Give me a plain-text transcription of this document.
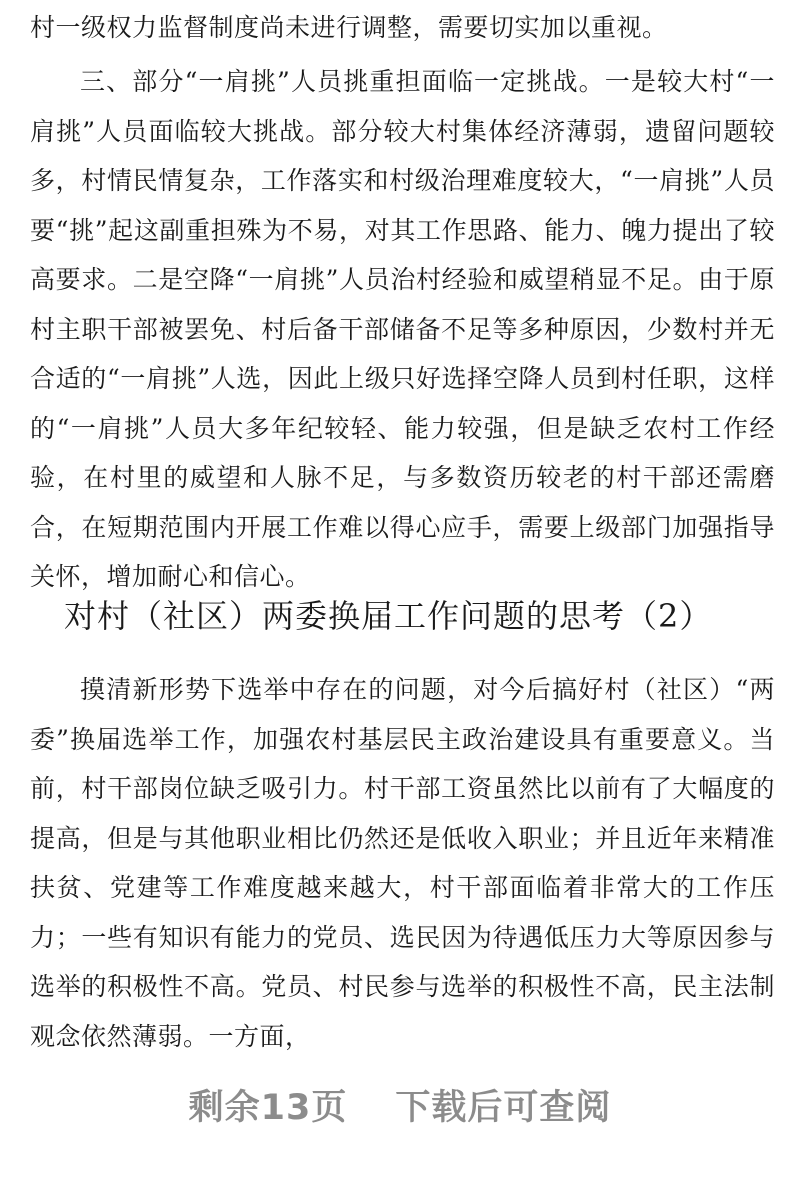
村一级权力监督制度尚未进行调整，需要切实加以重视。

三、部分“一肩挑”人员挑重担面临一定挑战。一是较大村“一肩挑”人员面临较大挑战。部分较大村集体经济薄弱，遗留问题较多，村情民情复杂，工作落实和村级治理难度较大，“一肩挑”人员要“挑”起这副重担殊为不易，对其工作思路、能力、魄力提出了较高要求。二是空降“一肩挑”人员治村经验和威望稍显不足。由于原村主职干部被罢免、村后备干部储备不足等多种原因，少数村并无合适的“一肩挑”人选，因此上级只好选择空降人员到村任职，这样的“一肩挑”人员大多年纪较轻、能力较强，但是缺乏农村工作经验，在村里的威望和人脉不足，与多数资历较老的村干部还需磨合，在短期范围内开展工作难以得心应手，需要上级部门加强指导关怀，增加耐心和信心。

对村（社区）两委换届工作问题的思考（2）

摸清新形势下选举中存在的问题，对今后搞好村（社区）“两委”换届选举工作，加强农村基层民主政治建设具有重要意义。当前，村干部岗位缺乏吸引力。村干部工资虽然比以前有了大幅度的提高，但是与其他职业相比仍然还是低收入职业；并且近年来精准扶贫、党建等工作难度越来越大，村干部面临着非常大的工作压力；一些有知识有能力的党员、选民因为待遇低压力大等原因参与选举的积极性不高。党员、村民参与选举的积极性不高，民主法制观念依然薄弱。一方面，

剩余13页 下载后可查阅
